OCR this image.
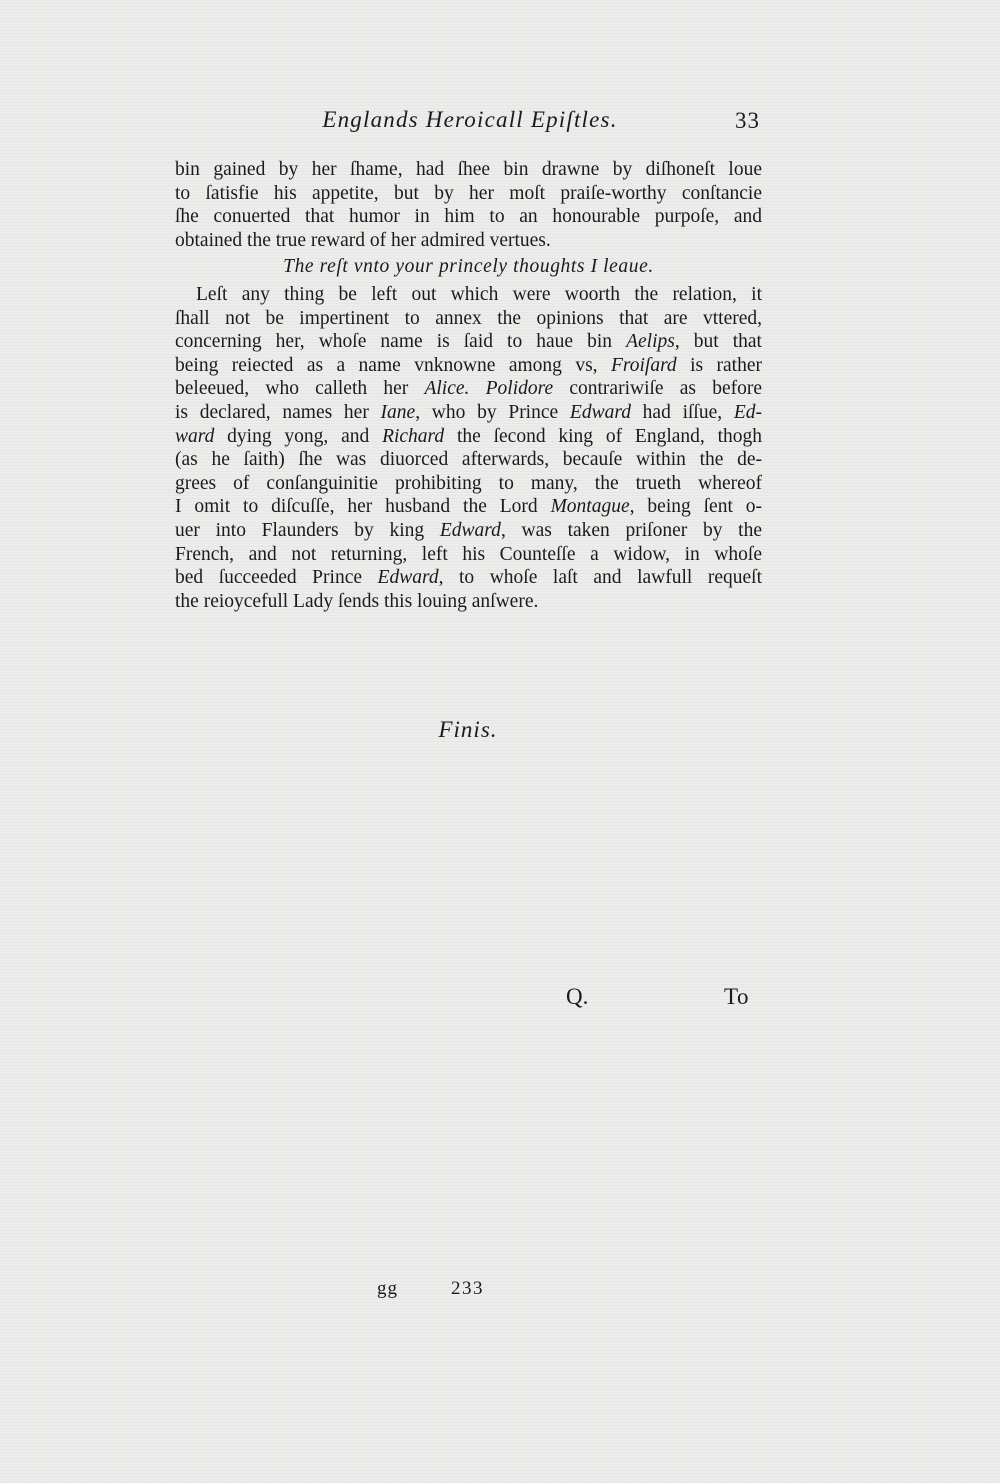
Englands Heroicall Epiſtles.	33
bin gained by her ſhame, had ſhee bin drawne by diſhoneſt loue
to ſatisfie his appetite, but by her moſt praiſe-worthy conſtancie
ſhe conuerted that humor in him to an honourable purpoſe, and
obtained the true reward of her admired vertues.
The reſt vnto your princely thoughts I leaue.
Leſt any thing be left out which were woorth the relation, it
ſhall not be impertinent to annex the opinions that are vttered,
concerning her, whoſe name is ſaid to haue bin Aelips, but that
being reiected as a name vnknowne among vs, Froiſard is rather
beleeued, who calleth her Alice. Polidore contrariwiſe as before
is declared, names her Iane, who by Prince Edward had iſſue, Ed-
ward dying yong, and Richard the ſecond king of England, thogh
(as he ſaith) ſhe was diuorced afterwards, becauſe within the de-
grees of conſanguinitie prohibiting to many, the trueth whereof
I omit to diſcuſſe, her husband the Lord Montague, being ſent o-
uer into Flaunders by king Edward, was taken priſoner by the
French, and not returning, left his Counteſſe a widow, in whoſe
bed ſucceeded Prince Edward, to whoſe laſt and lawfull requeſt
the reioycefull Lady ſends this louing anſwere.
Finis.
Q.	To
gg	233
